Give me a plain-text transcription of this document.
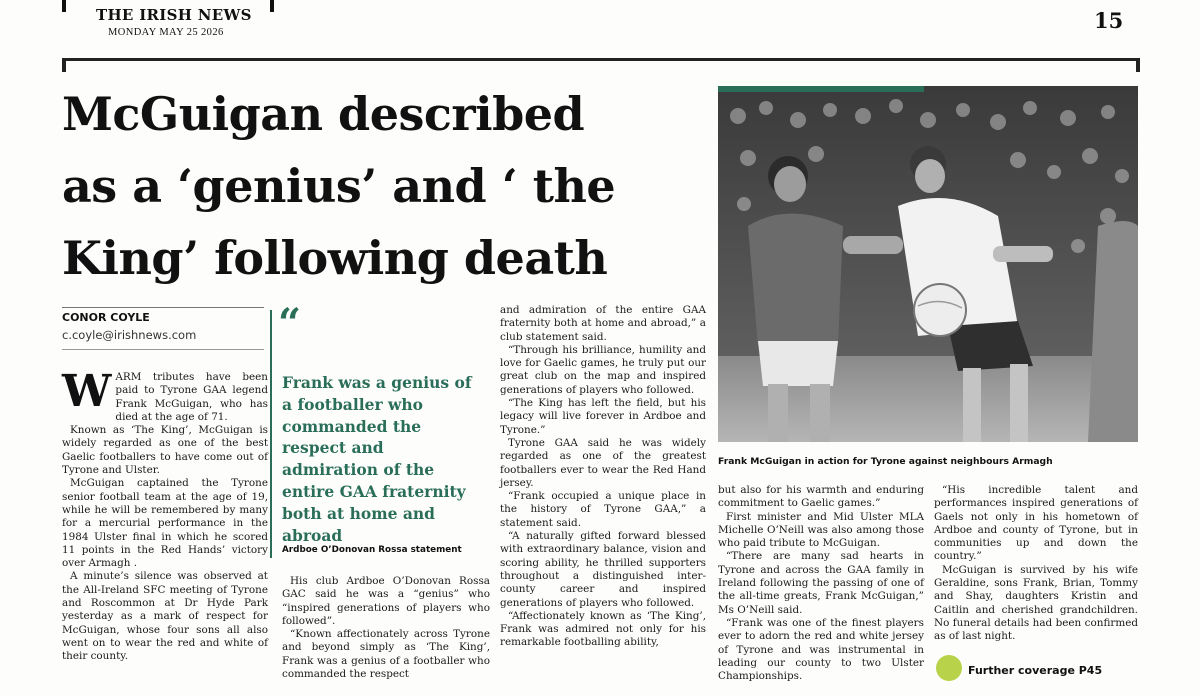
THE IRISH NEWS
MONDAY MAY 25 2026	15
McGuigan described
as a ‘genius’ and ‘ the
King’ following death
Frank McGuigan in action for Tyrone against neighbours Armagh
CONOR COYLE
c.coyle@irishnews.com
W ARM tributes have been paid to Tyrone GAA legend Frank McGuigan, who has died at the age of 71.

Known as ‘The King’, McGuigan is widely regarded as one of the best Gaelic footballers to have come out of Tyrone and Ulster.

McGuigan captained the Tyrone senior football team at the age of 19, while he will be remembered by many for a mercurial performance in the 1984 Ulster final in which he scored 11 points in the Red Hands’ victory over Armagh .

A minute’s silence was observed at the All-Ireland SFC meeting of Tyrone and Roscommon at Dr Hyde Park yesterday as a mark of respect for McGuigan, whose four sons all also went on to wear the red and white of their county.

“
Frank was a genius of a footballer who commanded the respect and admiration of the entire GAA fraternity both at home and abroad
Ardboe O’Donovan Rossa statement

His club Ardboe O’Donovan Rossa GAC said he was a “genius” who “inspired generations of players who followed”.

“Known affectionately across Tyrone and beyond simply as ‘The King’, Frank was a genius of a footballer who commanded the respect

and admiration of the entire GAA fraternity both at home and abroad,” a club statement said.

“Through his brilliance, humility and love for Gaelic games, he truly put our great club on the map and inspired generations of players who followed.

“The King has left the field, but his legacy will live forever in Ardboe and Tyrone.”

Tyrone GAA said he was widely regarded as one of the greatest footballers ever to wear the Red Hand jersey.

“Frank occupied a unique place in the history of Tyrone GAA,” a statement said.

“A naturally gifted forward blessed with extraordinary balance, vision and scoring ability, he thrilled supporters throughout a distinguished inter-county career and inspired generations of players who followed.

“Affectionately known as ‘The King’, Frank was admired not only for his remarkable footballing ability,

but also for his warmth and enduring commitment to Gaelic games.”

First minister and Mid Ulster MLA Michelle O’Neill was also among those who paid tribute to McGuigan.

“There are many sad hearts in Tyrone and across the GAA family in Ireland following the passing of one of the all-time greats, Frank McGuigan,” Ms O’Neill said.

“Frank was one of the finest players ever to adorn the red and white jersey of Tyrone and was instrumental in leading our county to two Ulster Championships.

“His incredible talent and performances inspired generations of Gaels not only in his hometown of Ardboe and county of Tyrone, but in communities up and down the country.”

McGuigan is survived by his wife Geraldine, sons Frank, Brian, Tommy and Shay, daughters Kristin and Caitlin and cherished grandchildren. No funeral details had been confirmed as of last night.

Further coverage P45
